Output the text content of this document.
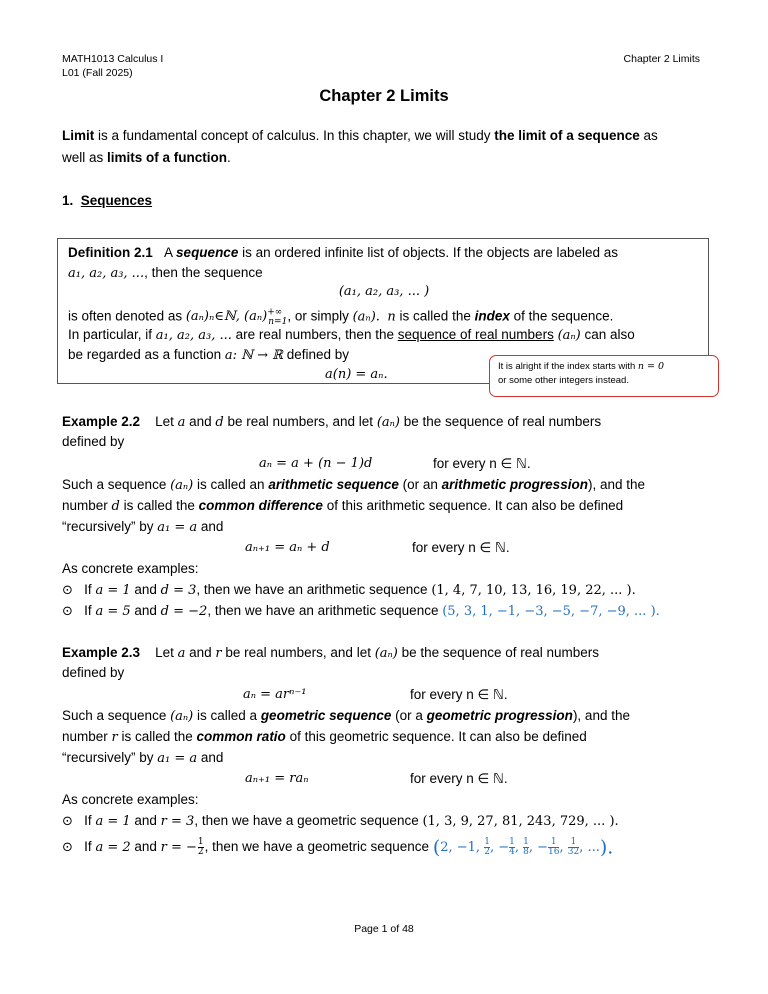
MATH1013 Calculus I
L01 (Fall 2025)
Chapter 2 Limits
Chapter 2 Limits
Limit is a fundamental concept of calculus. In this chapter, we will study the limit of a sequence as
well as limits of a function.
1. Sequences
Definition 2.1 A sequence is an ordered infinite list of objects. If the objects are labeled as
a₁, a₂, a₃, ..., then the sequence
(a₁, a₂, a₃, ... )
is often denoted as (aₙ)ₙ∈ℕ, $(a_n)^{+\infty}_{n=1}$, or simply (aₙ). n is called the index of the sequence.
In particular, if a₁, a₂, a₃, ... are real numbers, then the sequence of real numbers (aₙ) can also
be regarded as a function a: ℕ → ℝ defined by
a(n) = aₙ.
It is alright if the index starts with n = 0
or some other integers instead.
Example 2.2 Let a and d be real numbers, and let (aₙ) be the sequence of real numbers
defined by
aₙ = a + (n − 1)d	for every n ∈ ℕ.
Such a sequence (aₙ) is called an arithmetic sequence (or an arithmetic progression), and the
number d is called the common difference of this arithmetic sequence. It can also be defined
“recursively” by a₁ = a and
aₙ₊₁ = aₙ + d	for every n ∈ ℕ.
As concrete examples:
⊙ If a = 1 and d = 3, then we have an arithmetic sequence (1, 4, 7, 10, 13, 16, 19, 22, ... ).
⊙ If a = 5 and d = −2, then we have an arithmetic sequence (5, 3, 1, −1, −3, −5, −7, −9, ... ).
Example 2.3 Let a and r be real numbers, and let (aₙ) be the sequence of real numbers
defined by
aₙ = arⁿ⁻¹	for every n ∈ ℕ.
Such a sequence (aₙ) is called a geometric sequence (or a geometric progression), and the
number r is called the common ratio of this geometric sequence. It can also be defined
“recursively” by a₁ = a and
aₙ₊₁ = raₙ	for every n ∈ ℕ.
As concrete examples:
⊙ If a = 1 and r = 3, then we have a geometric sequence (1, 3, 9, 27, 81, 243, 729, ... ).
⊙ If a = 2 and r = − $\frac{1}{2}$ , then we have a geometric sequence (2, −1, $\frac{1}{2}$ , − $\frac{1}{4}$ , $\frac{1}{8}$ , − $\frac{1}{16}$ , $\frac{1}{32}$ , ...).
Page 1 of 48
